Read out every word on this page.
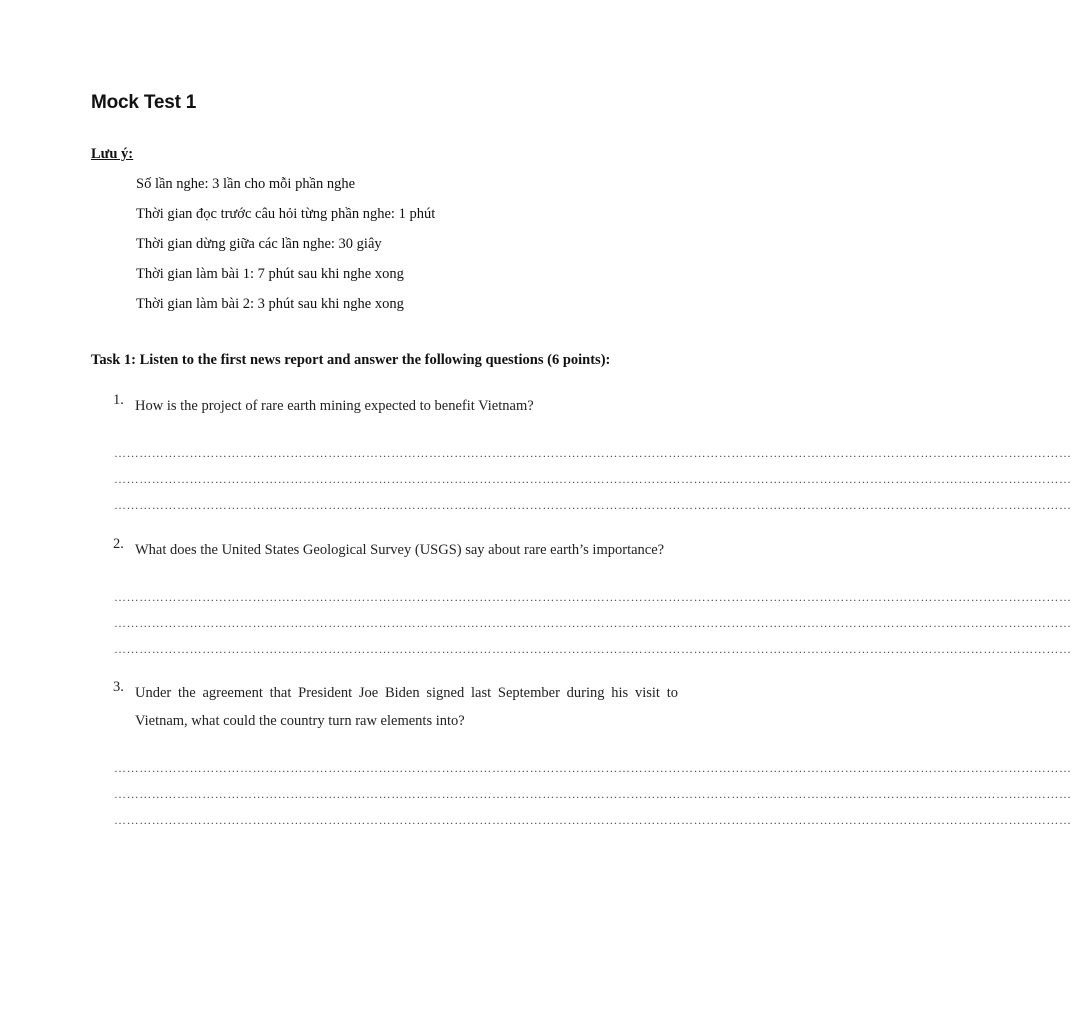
Mock Test 1
Lưu ý:
Số lần nghe: 3 lần cho mỗi phần nghe
Thời gian đọc trước câu hỏi từng phần nghe: 1 phút
Thời gian dừng giữa các lần nghe: 30 giây
Thời gian làm bài 1: 7 phút sau khi nghe xong
Thời gian làm bài 2: 3 phút sau khi nghe xong
Task 1: Listen to the first news report and answer the following questions (6 points):
1. How is the project of rare earth mining expected to benefit Vietnam?
…………………………………………………………………………………………………………………………………………………………………………………………………………
…………………………………………………………………………………………………………………………………………………………………………………………………………
…………………………………………………………………………………………………………………………………………………………………………………………………………
2. What does the United States Geological Survey (USGS) say about rare earth’s importance?
…………………………………………………………………………………………………………………………………………………………………………………………………………
…………………………………………………………………………………………………………………………………………………………………………………………………………
…………………………………………………………………………………………………………………………………………………………………………………………………………
3. Under the agreement that President Joe Biden signed last September during his visit to Vietnam, what could the country turn raw elements into?
…………………………………………………………………………………………………………………………………………………………………………………………………………
…………………………………………………………………………………………………………………………………………………………………………………………………………
…………………………………………………………………………………………………………………………………………………………………………………………………………
